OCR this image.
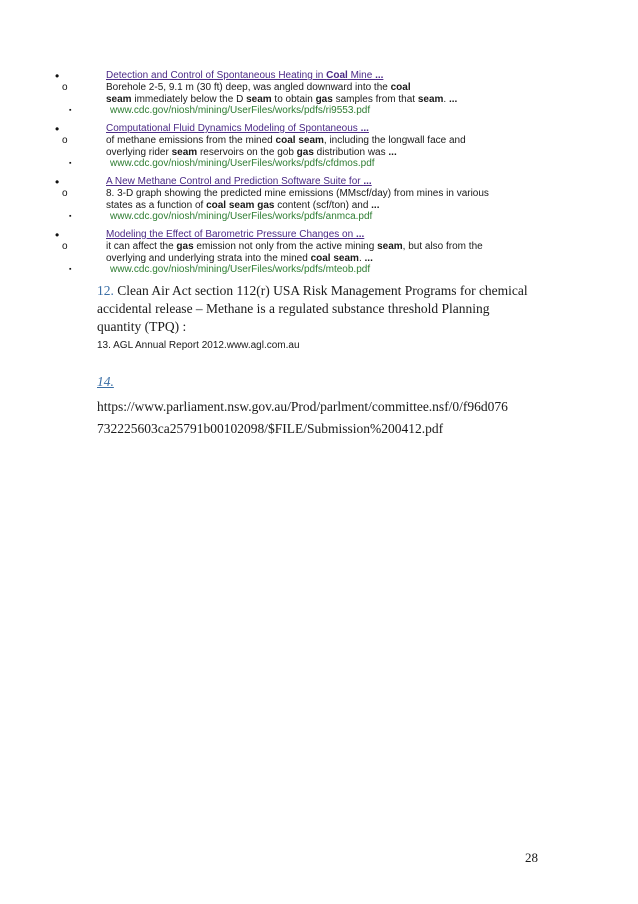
•	Detection and Control of Spontaneous Heating in Coal Mine ...
o	Borehole 2-5, 9.1 m (30 ft) deep, was angled downward into the coal
seam immediately below the D seam to obtain gas samples from that seam. ...
▪	www.cdc.gov/niosh/mining/UserFiles/works/pdfs/ri9553.pdf
•	Computational Fluid Dynamics Modeling of Spontaneous ...
o	of methane emissions from the mined coal seam, including the longwall face and
overlying rider seam reservoirs on the gob gas distribution was ...
▪	www.cdc.gov/niosh/mining/UserFiles/works/pdfs/cfdmos.pdf
•	A New Methane Control and Prediction Software Suite for ...
o	8. 3-D graph showing the predicted mine emissions (MMscf/day) from mines in various
states as a function of coal seam gas content (scf/ton) and ...
▪	www.cdc.gov/niosh/mining/UserFiles/works/pdfs/anmca.pdf
•	Modeling the Effect of Barometric Pressure Changes on ...
o	it can affect the gas emission not only from the active mining seam, but also from the
overlying and underlying strata into the mined coal seam. ...
▪	www.cdc.gov/niosh/mining/UserFiles/works/pdfs/mteob.pdf
12. Clean Air Act section 112(r) USA Risk Management Programs for chemical
accidental release – Methane is a regulated substance threshold Planning
quantity (TPQ) :
13. AGL Annual Report 2012.www.agl.com.au
14.
https://www.parliament.nsw.gov.au/Prod/parlment/committee.nsf/0/f96d076
732225603ca25791b00102098/$FILE/Submission%200412.pdf
28
